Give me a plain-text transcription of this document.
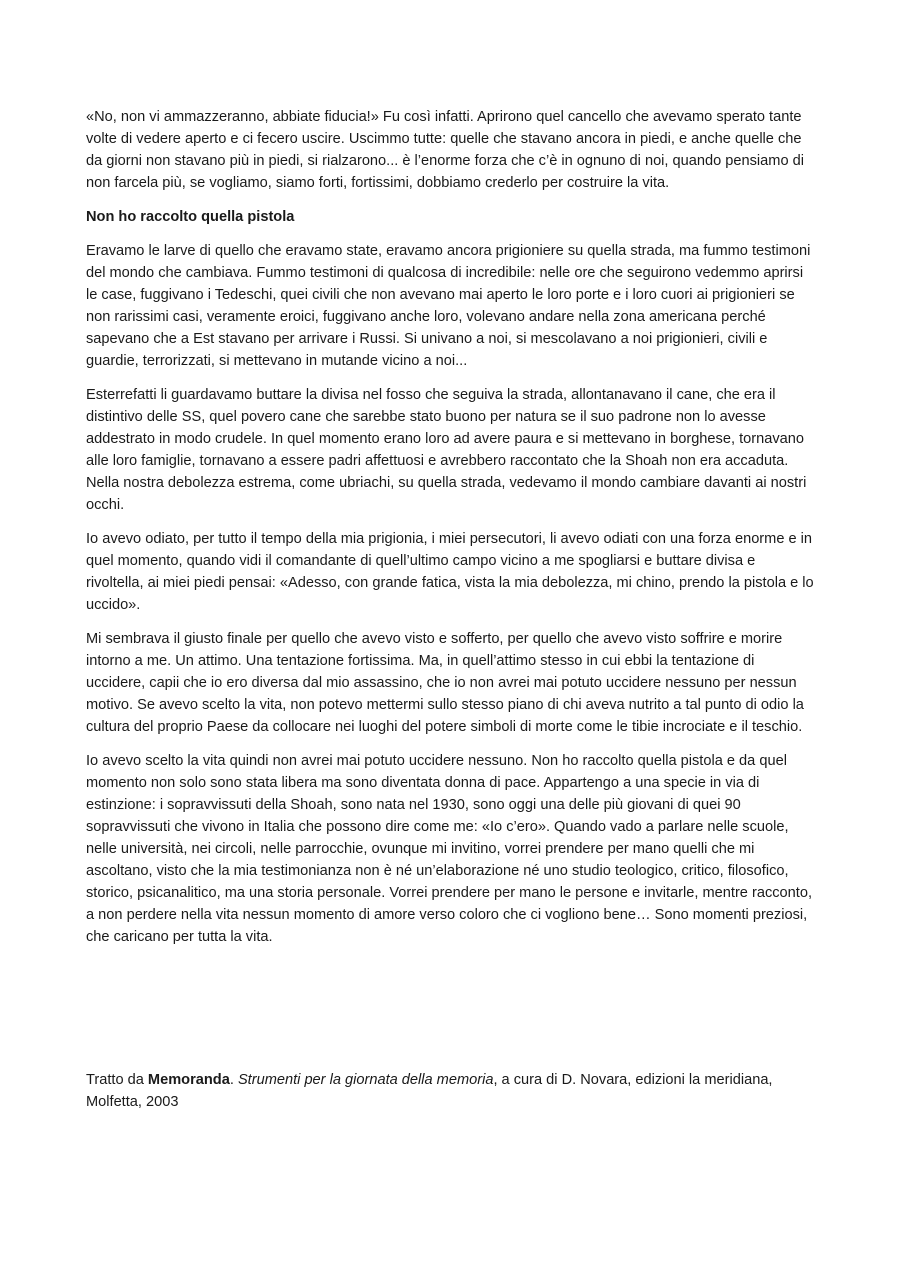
«No, non vi ammazzeranno, abbiate fiducia!» Fu così infatti. Aprirono quel cancello che avevamo sperato tante volte di vedere aperto e ci fecero uscire. Uscimmo tutte: quelle che stavano ancora in piedi, e anche quelle che da giorni non stavano più in piedi, si rialzarono... è l’enorme forza che c’è in ognuno di noi, quando pensiamo di non farcela più, se vogliamo, siamo forti, fortissimi, dobbiamo crederlo per costruire la vita.

Non ho raccolto quella pistola

Eravamo le larve di quello che eravamo state, eravamo ancora prigioniere su quella strada, ma fummo testimoni del mondo che cambiava. Fummo testimoni di qualcosa di incredibile: nelle ore che seguirono vedemmo aprirsi le case, fuggivano i Tedeschi, quei civili che non avevano mai aperto le loro porte e i loro cuori ai prigionieri se non rarissimi casi, veramente eroici, fuggivano anche loro, volevano andare nella zona americana perché sapevano che a Est stavano per arrivare i Russi. Si univano a noi, si mescolavano a noi prigionieri, civili e guardie, terrorizzati, si mettevano in mutande vicino a noi...

Esterrefatti li guardavamo buttare la divisa nel fosso che seguiva la strada, allontanavano il cane, che era il distintivo delle SS, quel povero cane che sarebbe stato buono per natura se il suo padrone non lo avesse addestrato in modo crudele. In quel momento erano loro ad avere paura e si mettevano in borghese, tornavano alle loro famiglie, tornavano a essere padri affettuosi e avrebbero raccontato che la Shoah non era accaduta. Nella nostra debolezza estrema, come ubriachi, su quella strada, vedevamo il mondo cambiare davanti ai nostri occhi.

Io avevo odiato, per tutto il tempo della mia prigionia, i miei persecutori, li avevo odiati con una forza enorme e in quel momento, quando vidi il comandante di quell’ultimo campo vicino a me spogliarsi e buttare divisa e rivoltella, ai miei piedi pensai: «Adesso, con grande fatica, vista la mia debolezza, mi chino, prendo la pistola e lo uccido».

Mi sembrava il giusto finale per quello che avevo visto e sofferto, per quello che avevo visto soffrire e morire intorno a me. Un attimo. Una tentazione fortissima. Ma, in quell’attimo stesso in cui ebbi la tentazione di uccidere, capii che io ero diversa dal mio assassino, che io non avrei mai potuto uccidere nessuno per nessun motivo. Se avevo scelto la vita, non potevo mettermi sullo stesso piano di chi aveva nutrito a tal punto di odio la cultura del proprio Paese da collocare nei luoghi del potere simboli di morte come le tibie incrociate e il teschio.

Io avevo scelto la vita quindi non avrei mai potuto uccidere nessuno. Non ho raccolto quella pistola e da quel momento non solo sono stata libera ma sono diventata donna di pace. Appartengo a una specie in via di estinzione: i sopravvissuti della Shoah, sono nata nel 1930, sono oggi una delle più giovani di quei 90 sopravvissuti che vivono in Italia che possono dire come me: «Io c’ero». Quando vado a parlare nelle scuole, nelle università, nei circoli, nelle parrocchie, ovunque mi invitino, vorrei prendere per mano quelli che mi ascoltano, visto che la mia testimonianza non è né un’elaborazione né uno studio teologico, critico, filosofico, storico, psicanalitico, ma una storia personale. Vorrei prendere per mano le persone e invitarle, mentre racconto, a non perdere nella vita nessun momento di amore verso coloro che ci vogliono bene… Sono momenti preziosi, che caricano per tutta la vita.

Tratto da Memoranda. Strumenti per la giornata della memoria, a cura di D. Novara, edizioni la meridiana, Molfetta, 2003
